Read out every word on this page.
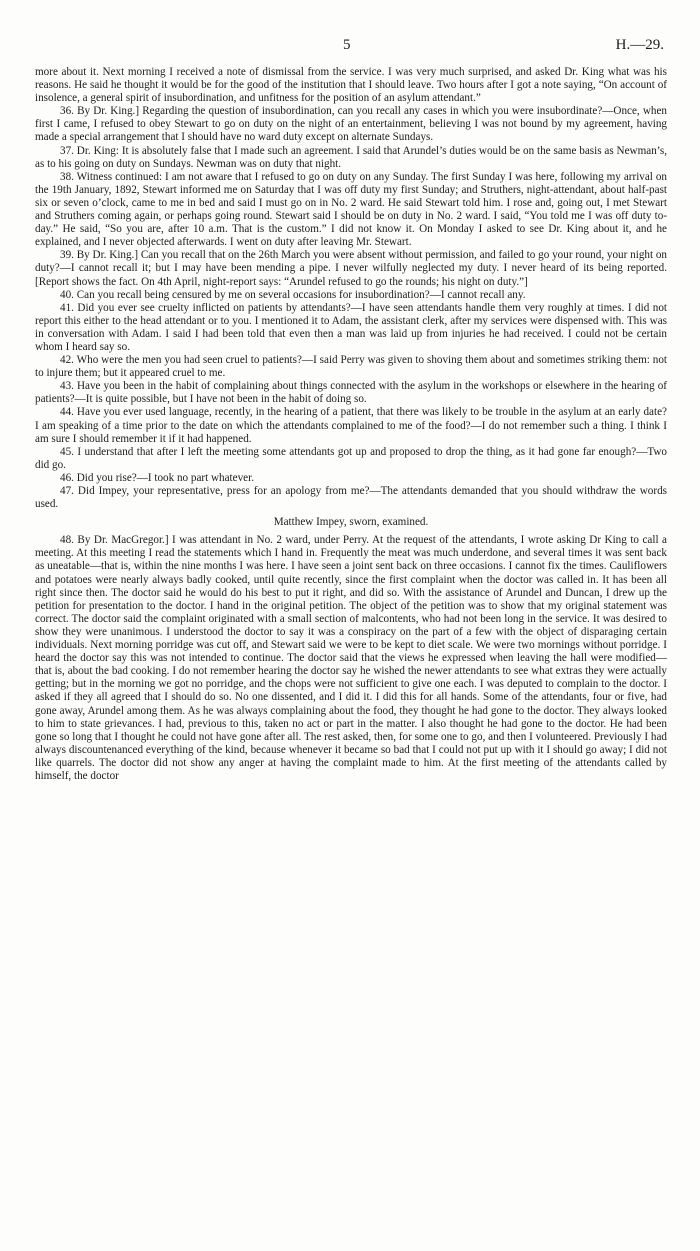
5	H.—29.

more about it. Next morning I received a note of dismissal from the service. I was very much surprised, and asked Dr. King what was his reasons. He said he thought it would be for the good of the institution that I should leave. Two hours after I got a note saying, “On account of insolence, a general spirit of insubordination, and unfitness for the position of an asylum attendant.”

36. By Dr. King.] Regarding the question of insubordination, can you recall any cases in which you were insubordinate?—Once, when first I came, I refused to obey Stewart to go on duty on the night of an entertainment, believing I was not bound by my agreement, having made a special arrangement that I should have no ward duty except on alternate Sundays.

37. Dr. King: It is absolutely false that I made such an agreement. I said that Arundel’s duties would be on the same basis as Newman’s, as to his going on duty on Sundays. Newman was on duty that night.

38. Witness continued: I am not aware that I refused to go on duty on any Sunday. The first Sunday I was here, following my arrival on the 19th January, 1892, Stewart informed me on Saturday that I was off duty my first Sunday; and Struthers, night-attendant, about half-past six or seven o’clock, came to me in bed and said I must go on in No. 2 ward. He said Stewart told him. I rose and, going out, I met Stewart and Struthers coming again, or perhaps going round. Stewart said I should be on duty in No. 2 ward. I said, “You told me I was off duty to-day.” He said, “So you are, after 10 a.m. That is the custom.” I did not know it. On Monday I asked to see Dr. King about it, and he explained, and I never objected afterwards. I went on duty after leaving Mr. Stewart.

39. By Dr. King.] Can you recall that on the 26th March you were absent without permission, and failed to go your round, your night on duty?—I cannot recall it; but I may have been mending a pipe. I never wilfully neglected my duty. I never heard of its being reported. [Report shows the fact. On 4th April, night-report says: “Arundel refused to go the rounds; his night on duty.”]

40. Can you recall being censured by me on several occasions for insubordination?—I cannot recall any.

41. Did you ever see cruelty inflicted on patients by attendants?—I have seen attendants handle them very roughly at times. I did not report this either to the head attendant or to you. I mentioned it to Adam, the assistant clerk, after my services were dispensed with. This was in conversation with Adam. I said I had been told that even then a man was laid up from injuries he had received. I could not be certain whom I heard say so.

42. Who were the men you had seen cruel to patients?—I said Perry was given to shoving them about and sometimes striking them: not to injure them; but it appeared cruel to me.

43. Have you been in the habit of complaining about things connected with the asylum in the workshops or elsewhere in the hearing of patients?—It is quite possible, but I have not been in the habit of doing so.

44. Have you ever used language, recently, in the hearing of a patient, that there was likely to be trouble in the asylum at an early date? I am speaking of a time prior to the date on which the attendants complained to me of the food?—I do not remember such a thing. I think I am sure I should remember it if it had happened.

45. I understand that after I left the meeting some attendants got up and proposed to drop the thing, as it had gone far enough?—Two did go.

46. Did you rise?—I took no part whatever.

47. Did Impey, your representative, press for an apology from me?—The attendants demanded that you should withdraw the words used.

Matthew Impey, sworn, examined.

48. By Dr. MacGregor.] I was attendant in No. 2 ward, under Perry. At the request of the attendants, I wrote asking Dr King to call a meeting. At this meeting I read the statements which I hand in. Frequently the meat was much underdone, and several times it was sent back as uneatable—that is, within the nine months I was here. I have seen a joint sent back on three occasions. I cannot fix the times. Cauliflowers and potatoes were nearly always badly cooked, until quite recently, since the first complaint when the doctor was called in. It has been all right since then. The doctor said he would do his best to put it right, and did so. With the assistance of Arundel and Duncan, I drew up the petition for presentation to the doctor. I hand in the original petition. The object of the petition was to show that my original statement was correct. The doctor said the complaint originated with a small section of malcontents, who had not been long in the service. It was desired to show they were unanimous. I understood the doctor to say it was a conspiracy on the part of a few with the object of disparaging certain individuals. Next morning porridge was cut off, and Stewart said we were to be kept to diet scale. We were two mornings without porridge. I heard the doctor say this was not intended to continue. The doctor said that the views he expressed when leaving the hall were modified—that is, about the bad cooking. I do not remember hearing the doctor say he wished the newer attendants to see what extras they were actually getting; but in the morning we got no porridge, and the chops were not sufficient to give one each. I was deputed to complain to the doctor. I asked if they all agreed that I should do so. No one dissented, and I did it. I did this for all hands. Some of the attendants, four or five, had gone away, Arundel among them. As he was always complaining about the food, they thought he had gone to the doctor. They always looked to him to state grievances. I had, previous to this, taken no act or part in the matter. I also thought he had gone to the doctor. He had been gone so long that I thought he could not have gone after all. The rest asked, then, for some one to go, and then I volunteered. Previously I had always discountenanced everything of the kind, because whenever it became so bad that I could not put up with it I should go away; I did not like quarrels. The doctor did not show any anger at having the complaint made to him. At the first meeting of the attendants called by himself, the doctor
